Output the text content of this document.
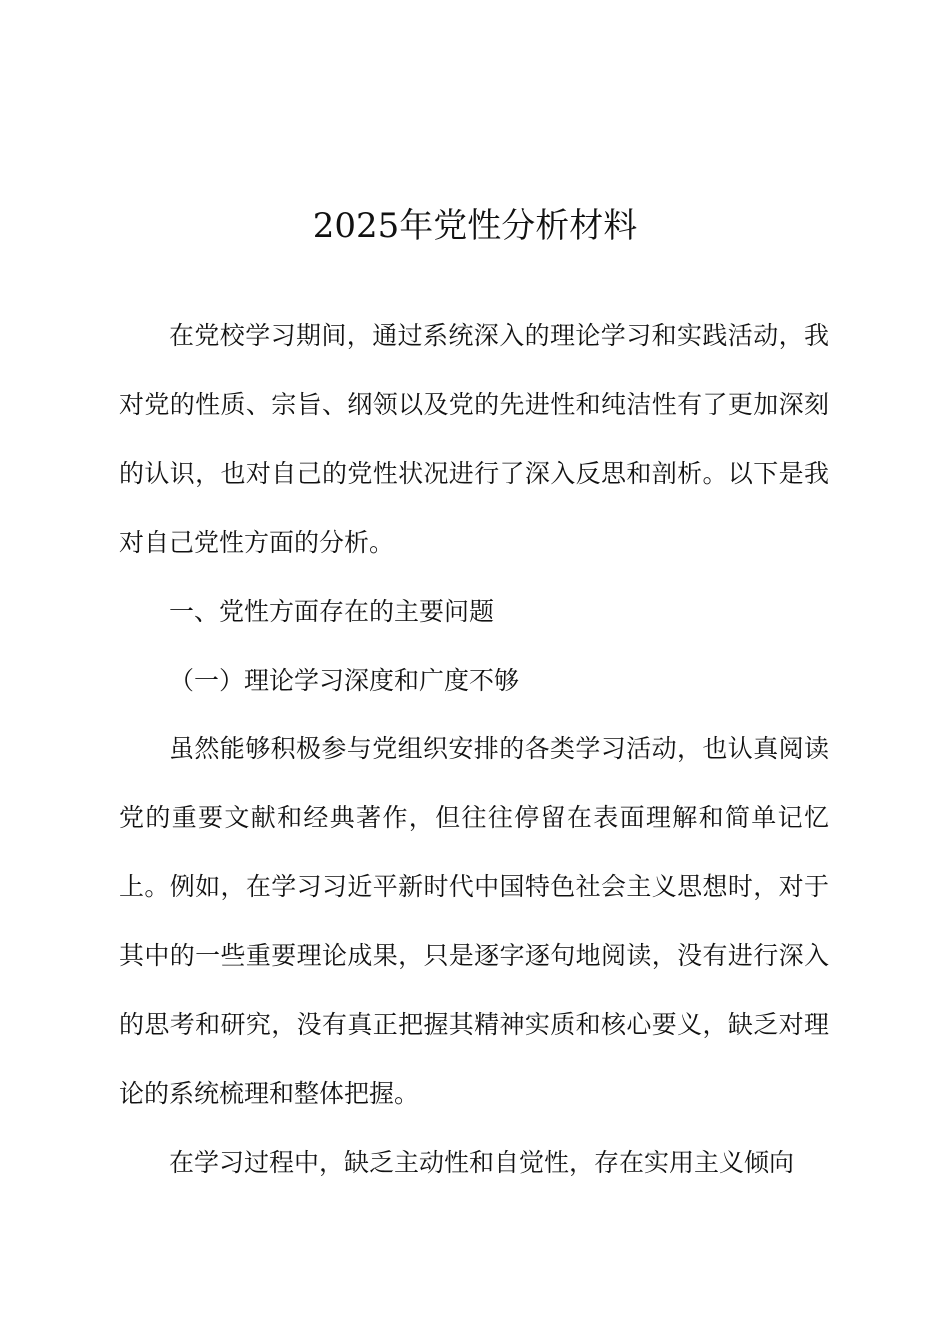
2025年党性分析材料

在党校学习期间，通过系统深入的理论学习和实践活动，我对党的性质、宗旨、纲领以及党的先进性和纯洁性有了更加深刻的认识，也对自己的党性状况进行了深入反思和剖析。以下是我对自己党性方面的分析。

一、党性方面存在的主要问题

（一）理论学习深度和广度不够

虽然能够积极参与党组织安排的各类学习活动，也认真阅读党的重要文献和经典著作，但往往停留在表面理解和简单记忆上。例如，在学习习近平新时代中国特色社会主义思想时，对于其中的一些重要理论成果，只是逐字逐句地阅读，没有进行深入的思考和研究，没有真正把握其精神实质和核心要义，缺乏对理论的系统梳理和整体把握。

在学习过程中，缺乏主动性和自觉性，存在实用主义倾向
